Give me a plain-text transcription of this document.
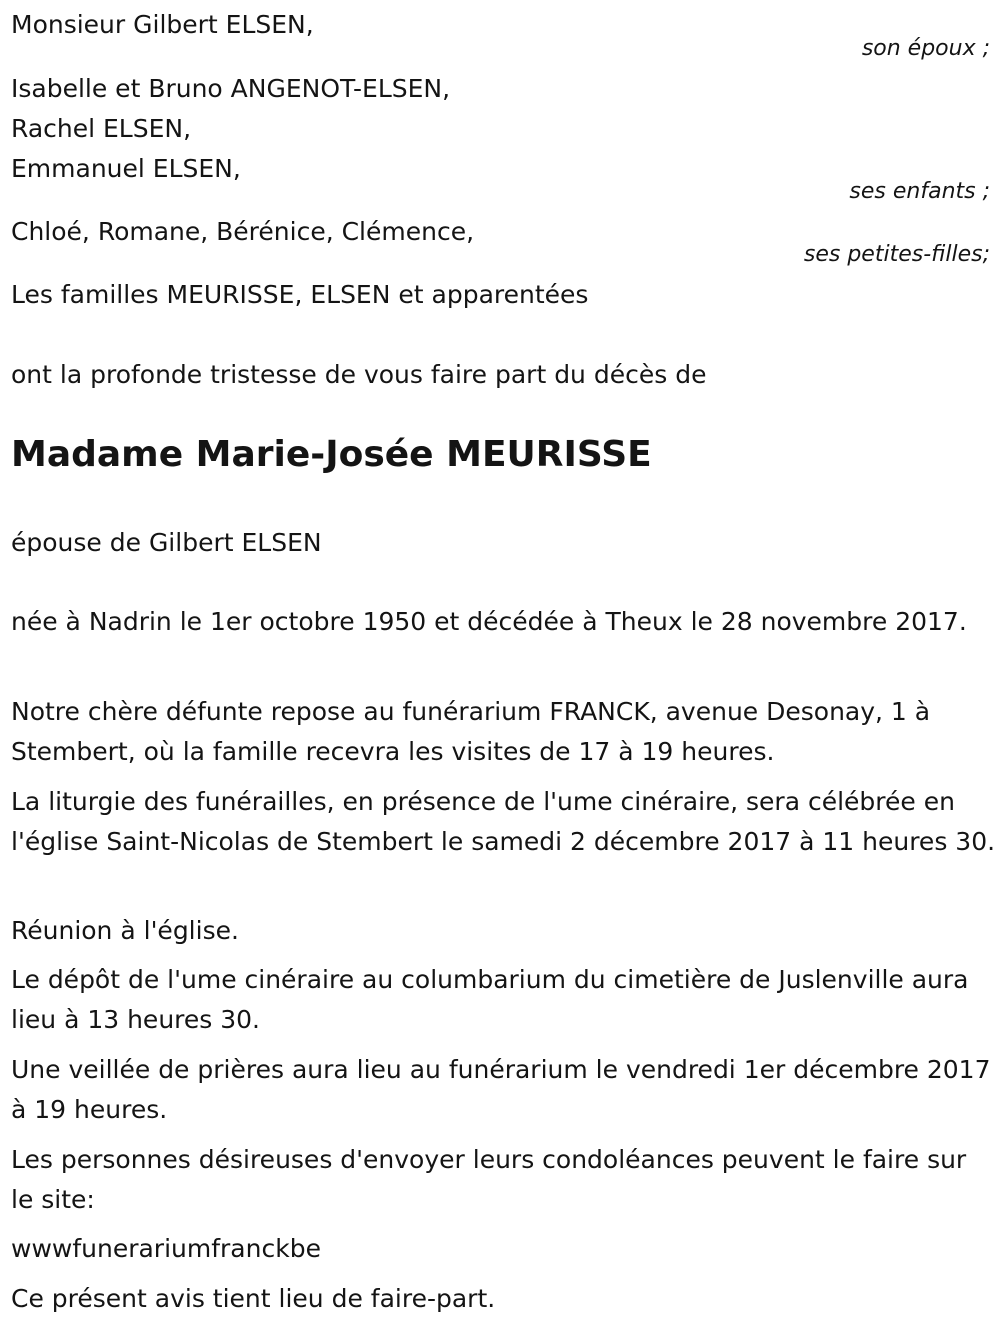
Monsieur Gilbert ELSEN,

son époux ;

Isabelle et Bruno ANGENOT-ELSEN,

Rachel ELSEN,

Emmanuel ELSEN,

ses enfants ;

Chloé, Romane, Bérénice, Clémence,

ses petites-filles;

Les familles MEURISSE, ELSEN et apparentées

ont la profonde tristesse de vous faire part du décès de

Madame Marie-Josée MEURISSE

épouse de Gilbert ELSEN

née à Nadrin le 1er octobre 1950 et décédée à Theux le 28 novembre 2017.

Notre chère défunte repose au funérarium FRANCK, avenue Desonay, 1 à Stembert, où la famille recevra les visites de 17 à 19 heures.

La liturgie des funérailles, en présence de l'ume cinéraire, sera célébrée en l'église Saint-Nicolas de Stembert le samedi 2 décembre 2017 à 11 heures 30.

Réunion à l'église.

Le dépôt de l'ume cinéraire au columbarium du cimetière de Juslenville aura lieu à 13 heures 30.

Une veillée de prières aura lieu au funérarium le vendredi 1er décembre 2017 à 19 heures.

Les personnes désireuses d'envoyer leurs condoléances peuvent le faire sur le site:

wwwfunerariumfranckbe

Ce présent avis tient lieu de faire-part.
